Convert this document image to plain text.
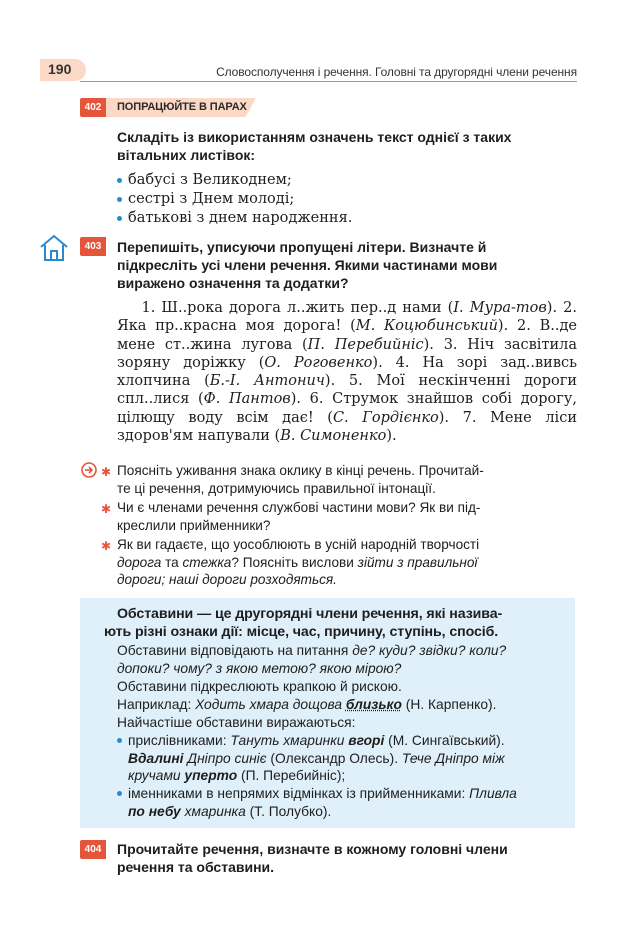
190	Словосполучення і речення. Головні та другорядні члени речення
402	ПОПРАЦЮЙТЕ В ПАРАХ
Складіть із використанням означень текст однієї з таких
вітальних листівок:
бабусі з Великоднем;
сестрі з Днем молоді;
батькові з днем народження.
403	Перепишіть, уписуючи пропущені літери. Визначте й
підкресліть усі члени речення. Якими частинами мови
виражено означення та додатки?

1. Ш..рока дорога л..жить пер..д нами (І. Мура-тов). 2. Яка пр..красна моя дорога! (М. Коцюбинський). 2. В..де мене ст..жина лугова (П. Перебийніс). 3. Ніч засвітила зоряну доріжку (О. Роговенко). 4. На зорі зад..вивсь хлопчина (Б.-І. Антонич). 5. Мої нескінченні дороги спл..лися (Ф. Пантов). 6. Струмок знайшов собі дорогу, цілющу воду всім дає! (С. Гордієнко). 7. Мене ліси здоров'ям напували (В. Симоненко).

✱ Поясніть уживання знака оклику в кінці речень. Прочитай-
те ці речення, дотримуючись правильної інтонації.
✱ Чи є членами речення службові частини мови? Як ви під-
креслили прийменники?
✱ Як ви гадаєте, що уособлюють в усній народній творчості
дорога та стежка? Поясніть вислови зійти з правильної
дороги; наші дороги розходяться.
Обставини — це другорядні члени речення, які назива-
ють різні ознаки дії: місце, час, причину, ступінь, спосіб.
Обставини відповідають на питання де? куди? звідки? коли?
допоки? чому? з якою метою? якою мірою?
Обставини підкреслюють крапкою й рискою.
Наприклад: Ходить хмара дощова близько (Н. Карпенко).
Найчастіше обставини виражаються:
прислівниками: Тануть хмаринки вгорі (М. Сингаївський).
Вдалині Дніпро синіє (Олександр Олесь). Тече Дніпро між
кручами уперто (П. Перебийніс);
іменниками в непрямих відмінках із прийменниками: Пливла
по небу хмаринка (Т. Полубко).
404	Прочитайте речення, визначте в кожному головні члени
речення та обставини.
